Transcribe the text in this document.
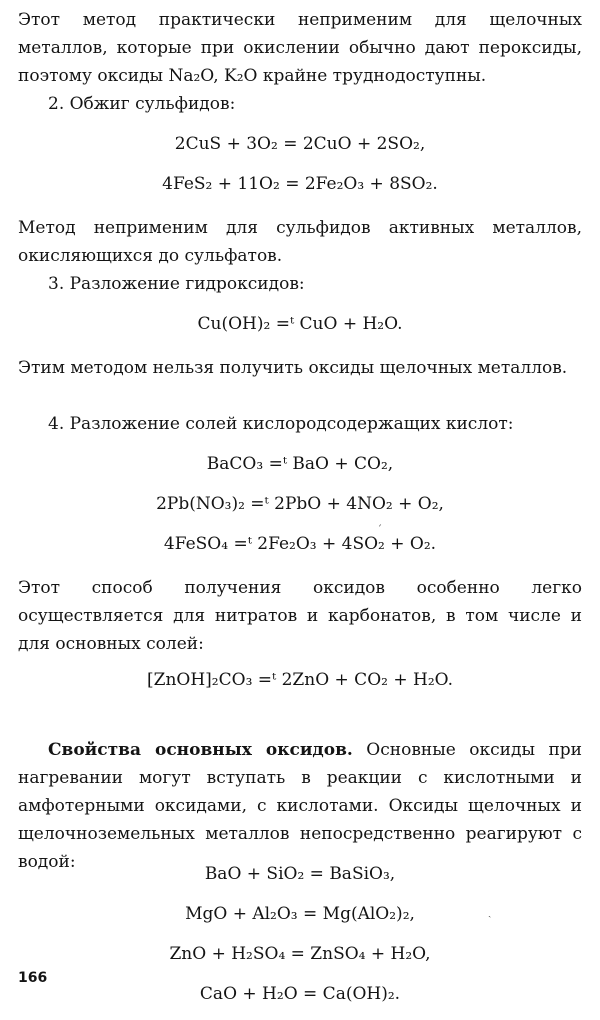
Этот метод практически неприменим для щелочных металлов, которые при окислении обычно дают пероксиды, поэтому оксиды Na₂O, K₂O крайне труднодоступны.

2. Обжиг сульфидов:

2CuS + 3O₂ = 2CuO + 2SO₂,

4FeS₂ + 11O₂ = 2Fe₂O₃ + 8SO₂.

Метод неприменим для сульфидов активных металлов, окисляющихся до сульфатов.

3. Разложение гидроксидов:

Cu(OH)₂ =ᵗ CuO + H₂O.

Этим методом нельзя получить оксиды щелочных металлов.

4. Разложение солей кислородсодержащих кислот:

BaCO₃ =ᵗ BaO + CO₂,

2Pb(NO₃)₂ =ᵗ 2PbO + 4NO₂ + O₂,

4FeSO₄ =ᵗ 2Fe₂O₃ + 4SO₂ + O₂.

Этот способ получения оксидов особенно легко осуществляется для нитратов и карбонатов, в том числе и для основных солей:

[ZnOH]₂CO₃ =ᵗ 2ZnO + CO₂ + H₂O.

Свойства основных оксидов. Основные оксиды при нагревании могут вступать в реакции с кислотными и амфотерными оксидами, с кислотами. Оксиды щелочных и щелочноземельных металлов непосредственно реагируют с водой:

BaO + SiO₂ = BaSiO₃,

MgO + Al₂O₃ = Mg(AlO₂)₂,

ZnO + H₂SO₄ = ZnSO₄ + H₂O,

CaO + H₂O = Ca(OH)₂.

166
ˊ
ˏ
